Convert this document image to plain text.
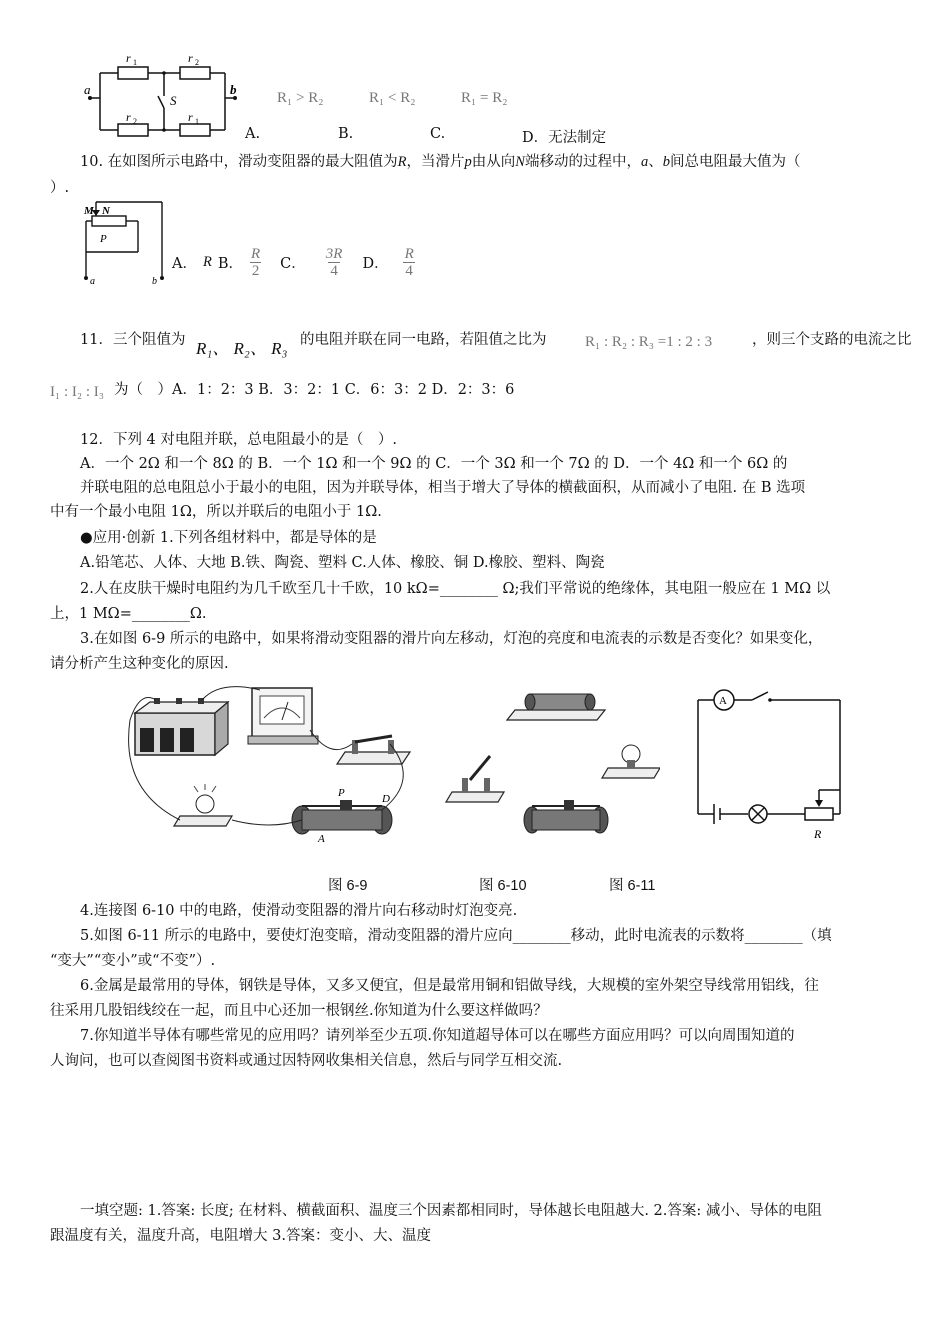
a	b
S
r 1	r 2
r 2	r 1
R₁ > R₂	R₁ < R₂	R₁ = R₂
A.	B.	C.	D．无法制定
10. 在如图所示电路中，滑动变阻器的最大阻值为R，当滑片p由从向N端移动的过程中，a、b间总电阻最大值为（
）.
M N
P
a	b
A． R B． $\frac{R}{2}$ C． $\frac{3R}{4}$ D． $\frac{R}{4}$
11．三个阻值为 R₁、 R₂、 R₃ 的电阻并联在同一电路，若阻值之比为	R₁ : R₂ : R₃ =1 : 2 : 3	，则三个支路的电流之比
I₁ : I₂ : I₃ 为（　）A．1：2：3 B．3：2：1 C．6：3：2 D．2：3：6
12．下列 4 对电阻并联，总电阻最小的是（　）.
A．一个 2Ω 和一个 8Ω 的 B．一个 1Ω 和一个 9Ω 的 C．一个 3Ω 和一个 7Ω 的 D．一个 4Ω 和一个 6Ω 的
并联电阻的总电阻总小于最小的电阻，因为并联导体，相当于增大了导体的横截面积，从而减小了电阻. 在 B 选项
中有一个最小电阻 1Ω，所以并联后的电阻小于 1Ω.
●应用·创新 1.下列各组材料中，都是导体的是
A.铅笔芯、人体、大地 B.铁、陶瓷、塑料 C.人体、橡胶、铜 D.橡胶、塑料、陶瓷
2.人在皮肤干燥时电阻约为几千欧至几十千欧，10 kΩ=________ Ω;我们平常说的绝缘体，其电阻一般应在 1 MΩ 以
上，1 MΩ=________Ω.
3.在如图 6-9 所示的电路中，如果将滑动变阻器的滑片向左移动，灯泡的亮度和电流表的示数是否变化？如果变化，
请分析产生这种变化的原因.
P	D
A
A
R
图 6-9	图 6-10	图 6-11
4.连接图 6-10 中的电路，使滑动变阻器的滑片向右移动时灯泡变亮.
5.如图 6-11 所示的电路中，要使灯泡变暗，滑动变阻器的滑片应向________移动，此时电流表的示数将________（填
“变大”“变小”或“不变”）.
6.金属是最常用的导体，钢铁是导体，又多又便宜，但是最常用铜和铝做导线，大规模的室外架空导线常用铝线，往
往采用几股铝线绞在一起，而且中心还加一根钢丝.你知道为什么要这样做吗？
7.你知道半导体有哪些常见的应用吗？请列举至少五项.你知道超导体可以在哪些方面应用吗？可以向周围知道的
人询问，也可以查阅图书资料或通过因特网收集相关信息，然后与同学互相交流.
一填空题: 1.答案: 长度; 在材料、横截面积、温度三个因素都相同时，导体越长电阻越大. 2.答案: 减小、导体的电阻
跟温度有关，温度升高，电阻增大 3.答案：变小、大、温度
